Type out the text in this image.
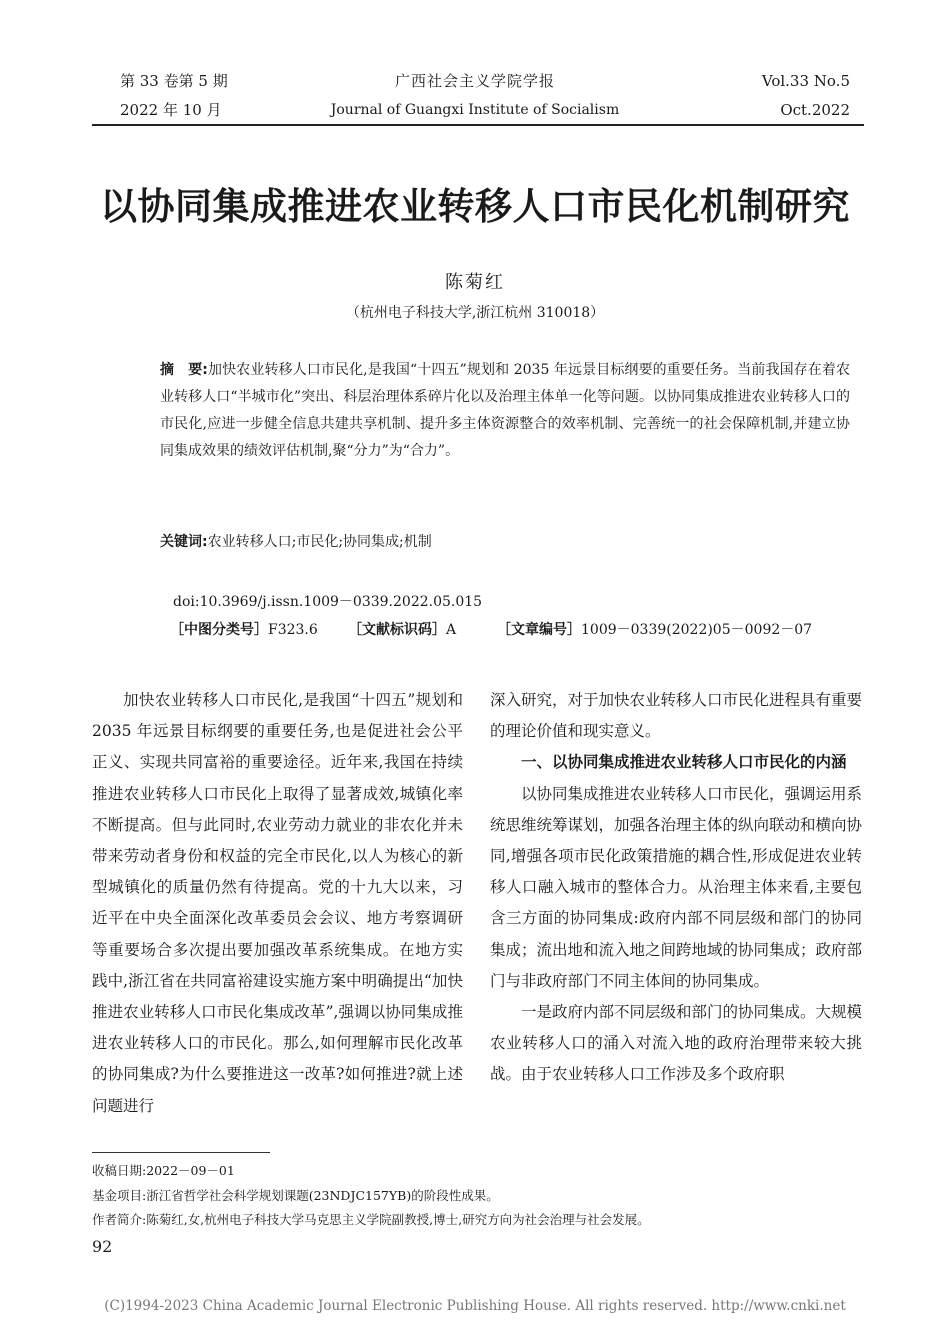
第 33 卷第 5 期
2022 年 10 月
广西社会主义学院学报
Journal of Guangxi Institute of Socialism
Vol.33 No.5
Oct.2022
以协同集成推进农业转移人口市民化机制研究
陈菊红
（杭州电子科技大学,浙江杭州 310018）
摘　要:加快农业转移人口市民化,是我国“十四五”规划和 2035 年远景目标纲要的重要任务。当前我国存在着农业转移人口“半城市化”突出、科层治理体系碎片化以及治理主体单一化等问题。以协同集成推进农业转移人口的市民化,应进一步健全信息共建共享机制、提升多主体资源整合的效率机制、完善统一的社会保障机制,并建立协同集成效果的绩效评估机制,聚“分力”为“合力”。
关键词:农业转移人口;市民化;协同集成;机制
doi:10.3969/j.issn.1009－0339.2022.05.015
［中图分类号］F323.6 ［文献标识码］A	［文章编号］1009－0339(2022)05－0092－07

加快农业转移人口市民化,是我国“十四五”规划和 2035 年远景目标纲要的重要任务,也是促进社会公平正义、实现共同富裕的重要途径。近年来,我国在持续推进农业转移人口市民化上取得了显著成效,城镇化率不断提高。但与此同时,农业劳动力就业的非农化并未带来劳动者身份和权益的完全市民化,以人为核心的新型城镇化的质量仍然有待提高。党的十九大以来，习近平在中央全面深化改革委员会会议、地方考察调研等重要场合多次提出要加强改革系统集成。在地方实践中,浙江省在共同富裕建设实施方案中明确提出“加快推进农业转移人口市民化集成改革”,强调以协同集成推进农业转移人口的市民化。那么,如何理解市民化改革的协同集成?为什么要推进这一改革?如何推进?就上述问题进行

深入研究，对于加快农业转移人口市民化进程具有重要的理论价值和现实意义。

一、以协同集成推进农业转移人口市民化的内涵

以协同集成推进农业转移人口市民化，强调运用系统思维统筹谋划，加强各治理主体的纵向联动和横向协同,增强各项市民化政策措施的耦合性,形成促进农业转移人口融入城市的整体合力。从治理主体来看,主要包含三方面的协同集成:政府内部不同层级和部门的协同集成；流出地和流入地之间跨地域的协同集成；政府部门与非政府部门不同主体间的协同集成。

一是政府内部不同层级和部门的协同集成。大规模农业转移人口的涌入对流入地的政府治理带来较大挑战。由于农业转移人口工作涉及多个政府职

收稿日期:2022－09－01
基金项目:浙江省哲学社会科学规划课题(23NDJC157YB)的阶段性成果。
作者简介:陈菊红,女,杭州电子科技大学马克思主义学院副教授,博士,研究方向为社会治理与社会发展。
92
(C)1994-2023 China Academic Journal Electronic Publishing House. All rights reserved. http://www.cnki.net
